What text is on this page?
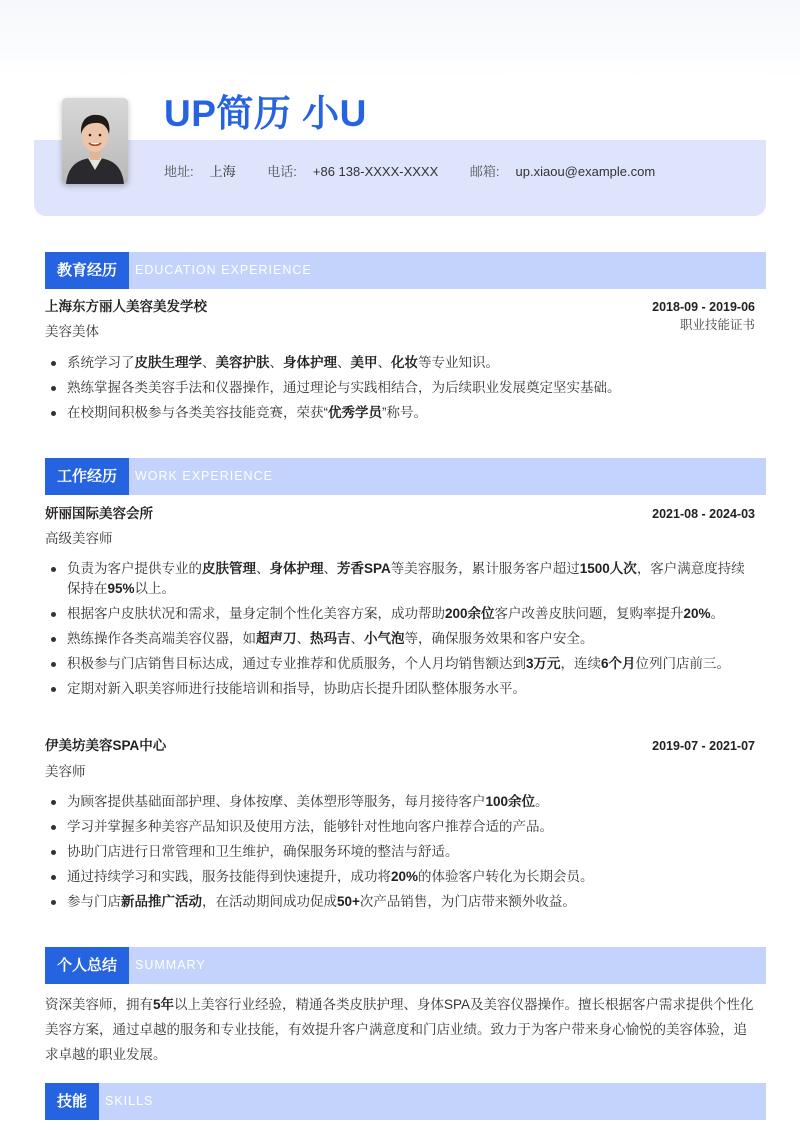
UP简历 小U
地址: 上海 电话: +86 138-XXXX-XXXX 邮箱: up.xiaou@example.com
教育经历	EDUCATION EXPERIENCE
上海东方丽人美容美发学校	2018-09 - 2019-06
美容美体	职业技能证书
系统学习了皮肤生理学、美容护肤、身体护理、美甲、化妆等专业知识。
熟练掌握各类美容手法和仪器操作，通过理论与实践相结合，为后续职业发展奠定坚实基础。
在校期间积极参与各类美容技能竞赛，荣获“优秀学员”称号。
工作经历	WORK EXPERIENCE
妍丽国际美容会所	2021-08 - 2024-03
高级美容师
负责为客户提供专业的皮肤管理、身体护理、芳香SPA等美容服务，累计服务客户超过1500人次，客户满意度持续保持在95%以上。
根据客户皮肤状况和需求，量身定制个性化美容方案，成功帮助200余位客户改善皮肤问题，复购率提升20%。
熟练操作各类高端美容仪器，如超声刀、热玛吉、小气泡等，确保服务效果和客户安全。
积极参与门店销售目标达成，通过专业推荐和优质服务，个人月均销售额达到3万元，连续6个月位列门店前三。
定期对新入职美容师进行技能培训和指导，协助店长提升团队整体服务水平。
伊美坊美容SPA中心	2019-07 - 2021-07
美容师
为顾客提供基础面部护理、身体按摩、美体塑形等服务，每月接待客户100余位。
学习并掌握多种美容产品知识及使用方法，能够针对性地向客户推荐合适的产品。
协助门店进行日常管理和卫生维护，确保服务环境的整洁与舒适。
通过持续学习和实践，服务技能得到快速提升，成功将20%的体验客户转化为长期会员。
参与门店新品推广活动，在活动期间成功促成50+次产品销售，为门店带来额外收益。
个人总结	SUMMARY

资深美容师，拥有5年以上美容行业经验，精通各类皮肤护理、身体SPA及美容仪器操作。擅长根据客户需求提供个性化美容方案，通过卓越的服务和专业技能，有效提升客户满意度和门店业绩。致力于为客户带来身心愉悦的美容体验，追求卓越的职业发展。

技能	SKILLS
